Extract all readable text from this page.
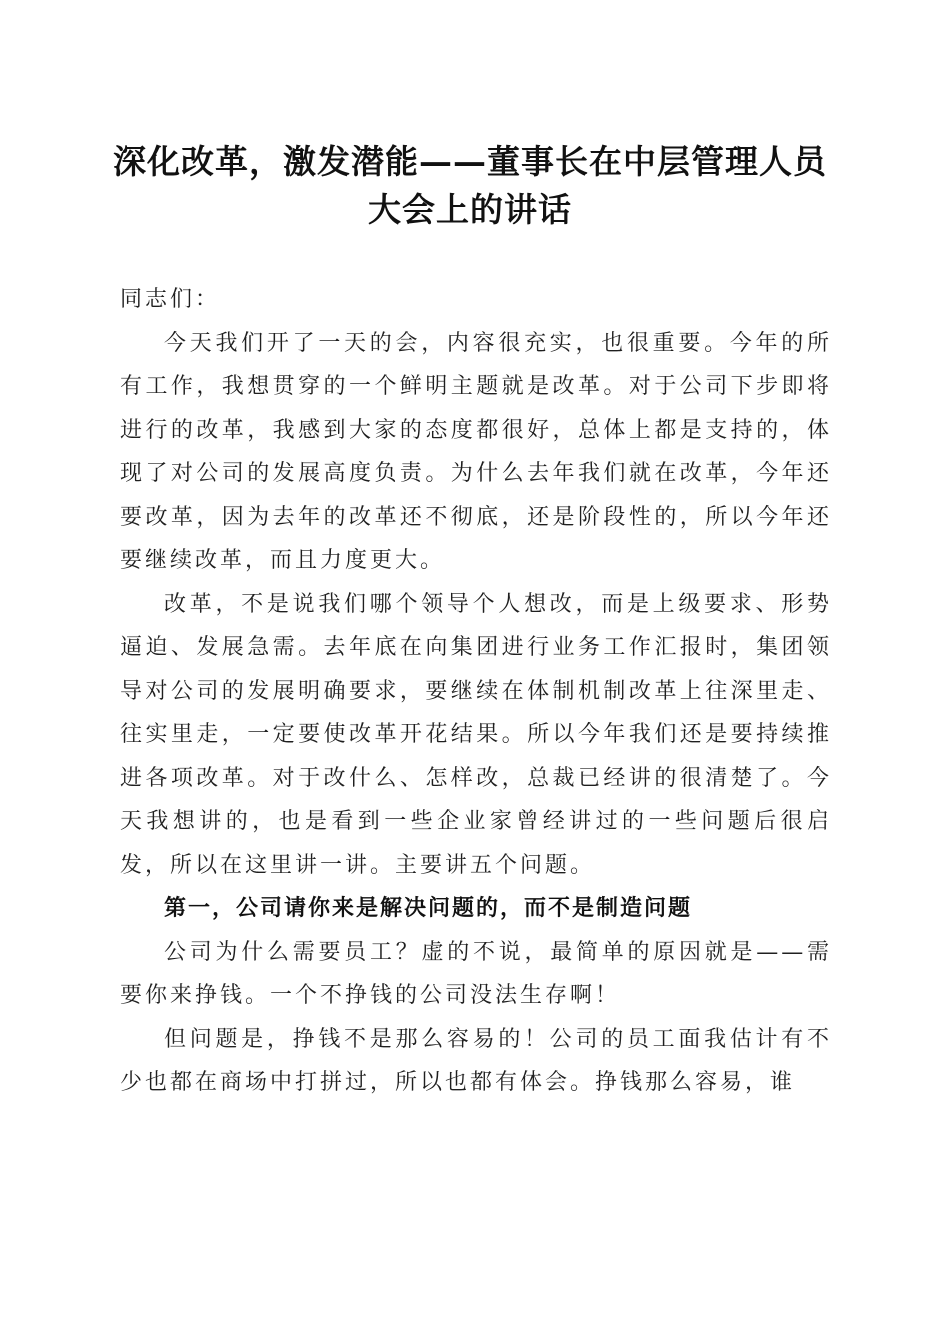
深化改革，激发潜能——董事长在中层管理人员大会上的讲话

同志们：

今天我们开了一天的会，内容很充实，也很重要。今年的所有工作，我想贯穿的一个鲜明主题就是改革。对于公司下步即将进行的改革，我感到大家的态度都很好，总体上都是支持的，体现了对公司的发展高度负责。为什么去年我们就在改革，今年还要改革，因为去年的改革还不彻底，还是阶段性的，所以今年还要继续改革，而且力度更大。

改革，不是说我们哪个领导个人想改，而是上级要求、形势逼迫、发展急需。去年底在向集团进行业务工作汇报时，集团领导对公司的发展明确要求，要继续在体制机制改革上往深里走、往实里走，一定要使改革开花结果。所以今年我们还是要持续推进各项改革。对于改什么、怎样改，总裁已经讲的很清楚了。今天我想讲的，也是看到一些企业家曾经讲过的一些问题后很启发，所以在这里讲一讲。主要讲五个问题。

第一，公司请你来是解决问题的，而不是制造问题

公司为什么需要员工？虚的不说，最简单的原因就是——需要你来挣钱。一个不挣钱的公司没法生存啊！

但问题是，挣钱不是那么容易的！公司的员工面我估计有不少也都在商场中打拼过，所以也都有体会。挣钱那么容易，谁
